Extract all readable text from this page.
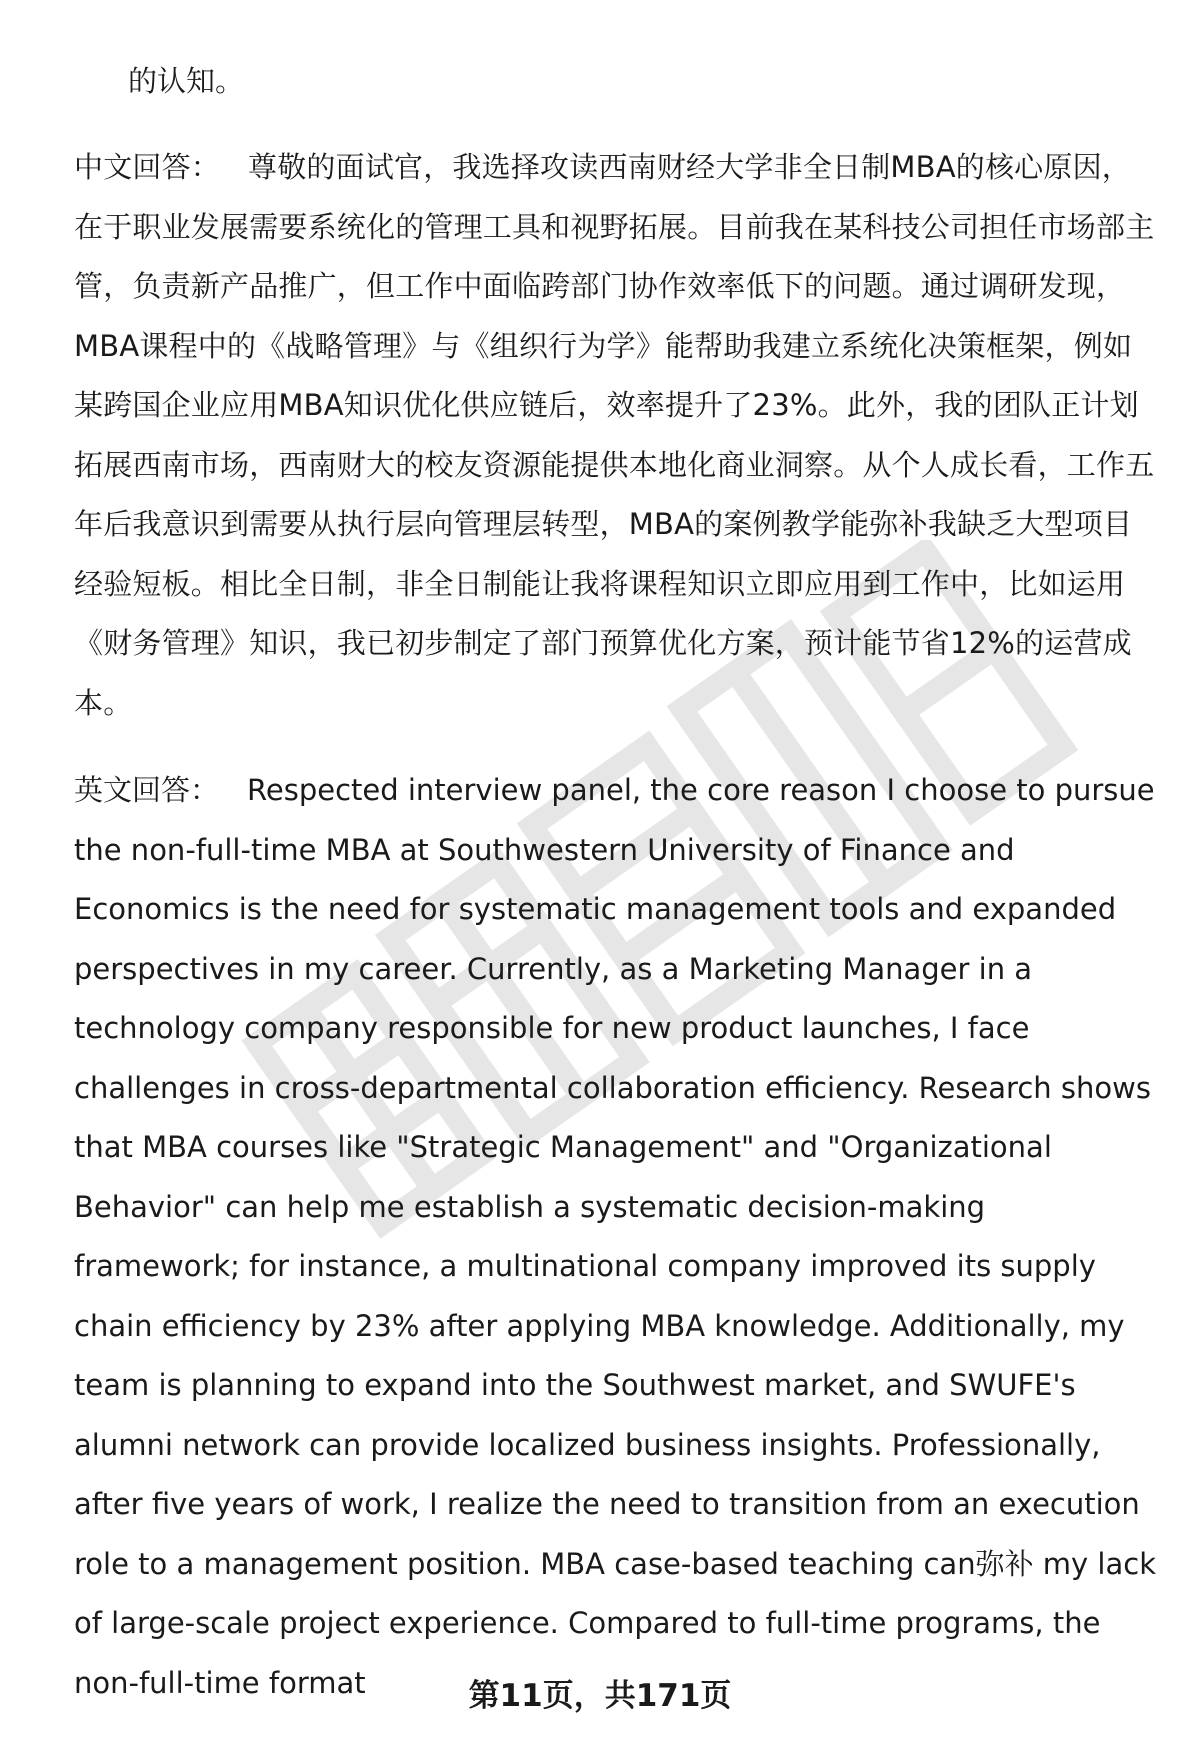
的认知。

中文回答： 尊敬的面试官，我选择攻读西南财经大学非全日制MBA的核心原因，在于职业发展需要系统化的管理工具和视野拓展。目前我在某科技公司担任市场部主管，负责新产品推广，但工作中面临跨部门协作效率低下的问题。通过调研发现，MBA课程中的《战略管理》与《组织行为学》能帮助我建立系统化决策框架，例如某跨国企业应用MBA知识优化供应链后，效率提升了23%。此外，我的团队正计划拓展西南市场，西南财大的校友资源能提供本地化商业洞察。从个人成长看，工作五年后我意识到需要从执行层向管理层转型，MBA的案例教学能弥补我缺乏大型项目经验短板。相比全日制，非全日制能让我将课程知识立即应用到工作中，比如运用《财务管理》知识，我已初步制定了部门预算优化方案，预计能节省12%的运营成本。

英文回答： Respected interview panel, the core reason I choose to pursue the non-full-time MBA at Southwestern University of Finance and Economics is the need for systematic management tools and expanded perspectives in my career. Currently, as a Marketing Manager in a technology company responsible for new product launches, I face challenges in cross-departmental collaboration efficiency. Research shows that MBA courses like "Strategic Management" and "Organizational Behavior" can help me establish a systematic decision-making framework; for instance, a multinational company improved its supply chain efficiency by 23% after applying MBA knowledge. Additionally, my team is planning to expand into the Southwest market, and SWUFE's alumni network can provide localized business insights. Professionally, after five years of work, I realize the need to transition from an execution role to a management position. MBA case-based teaching can弥补 my lack of large-scale project experience. Compared to full-time programs, the non-full-time format	第11页，共171页
